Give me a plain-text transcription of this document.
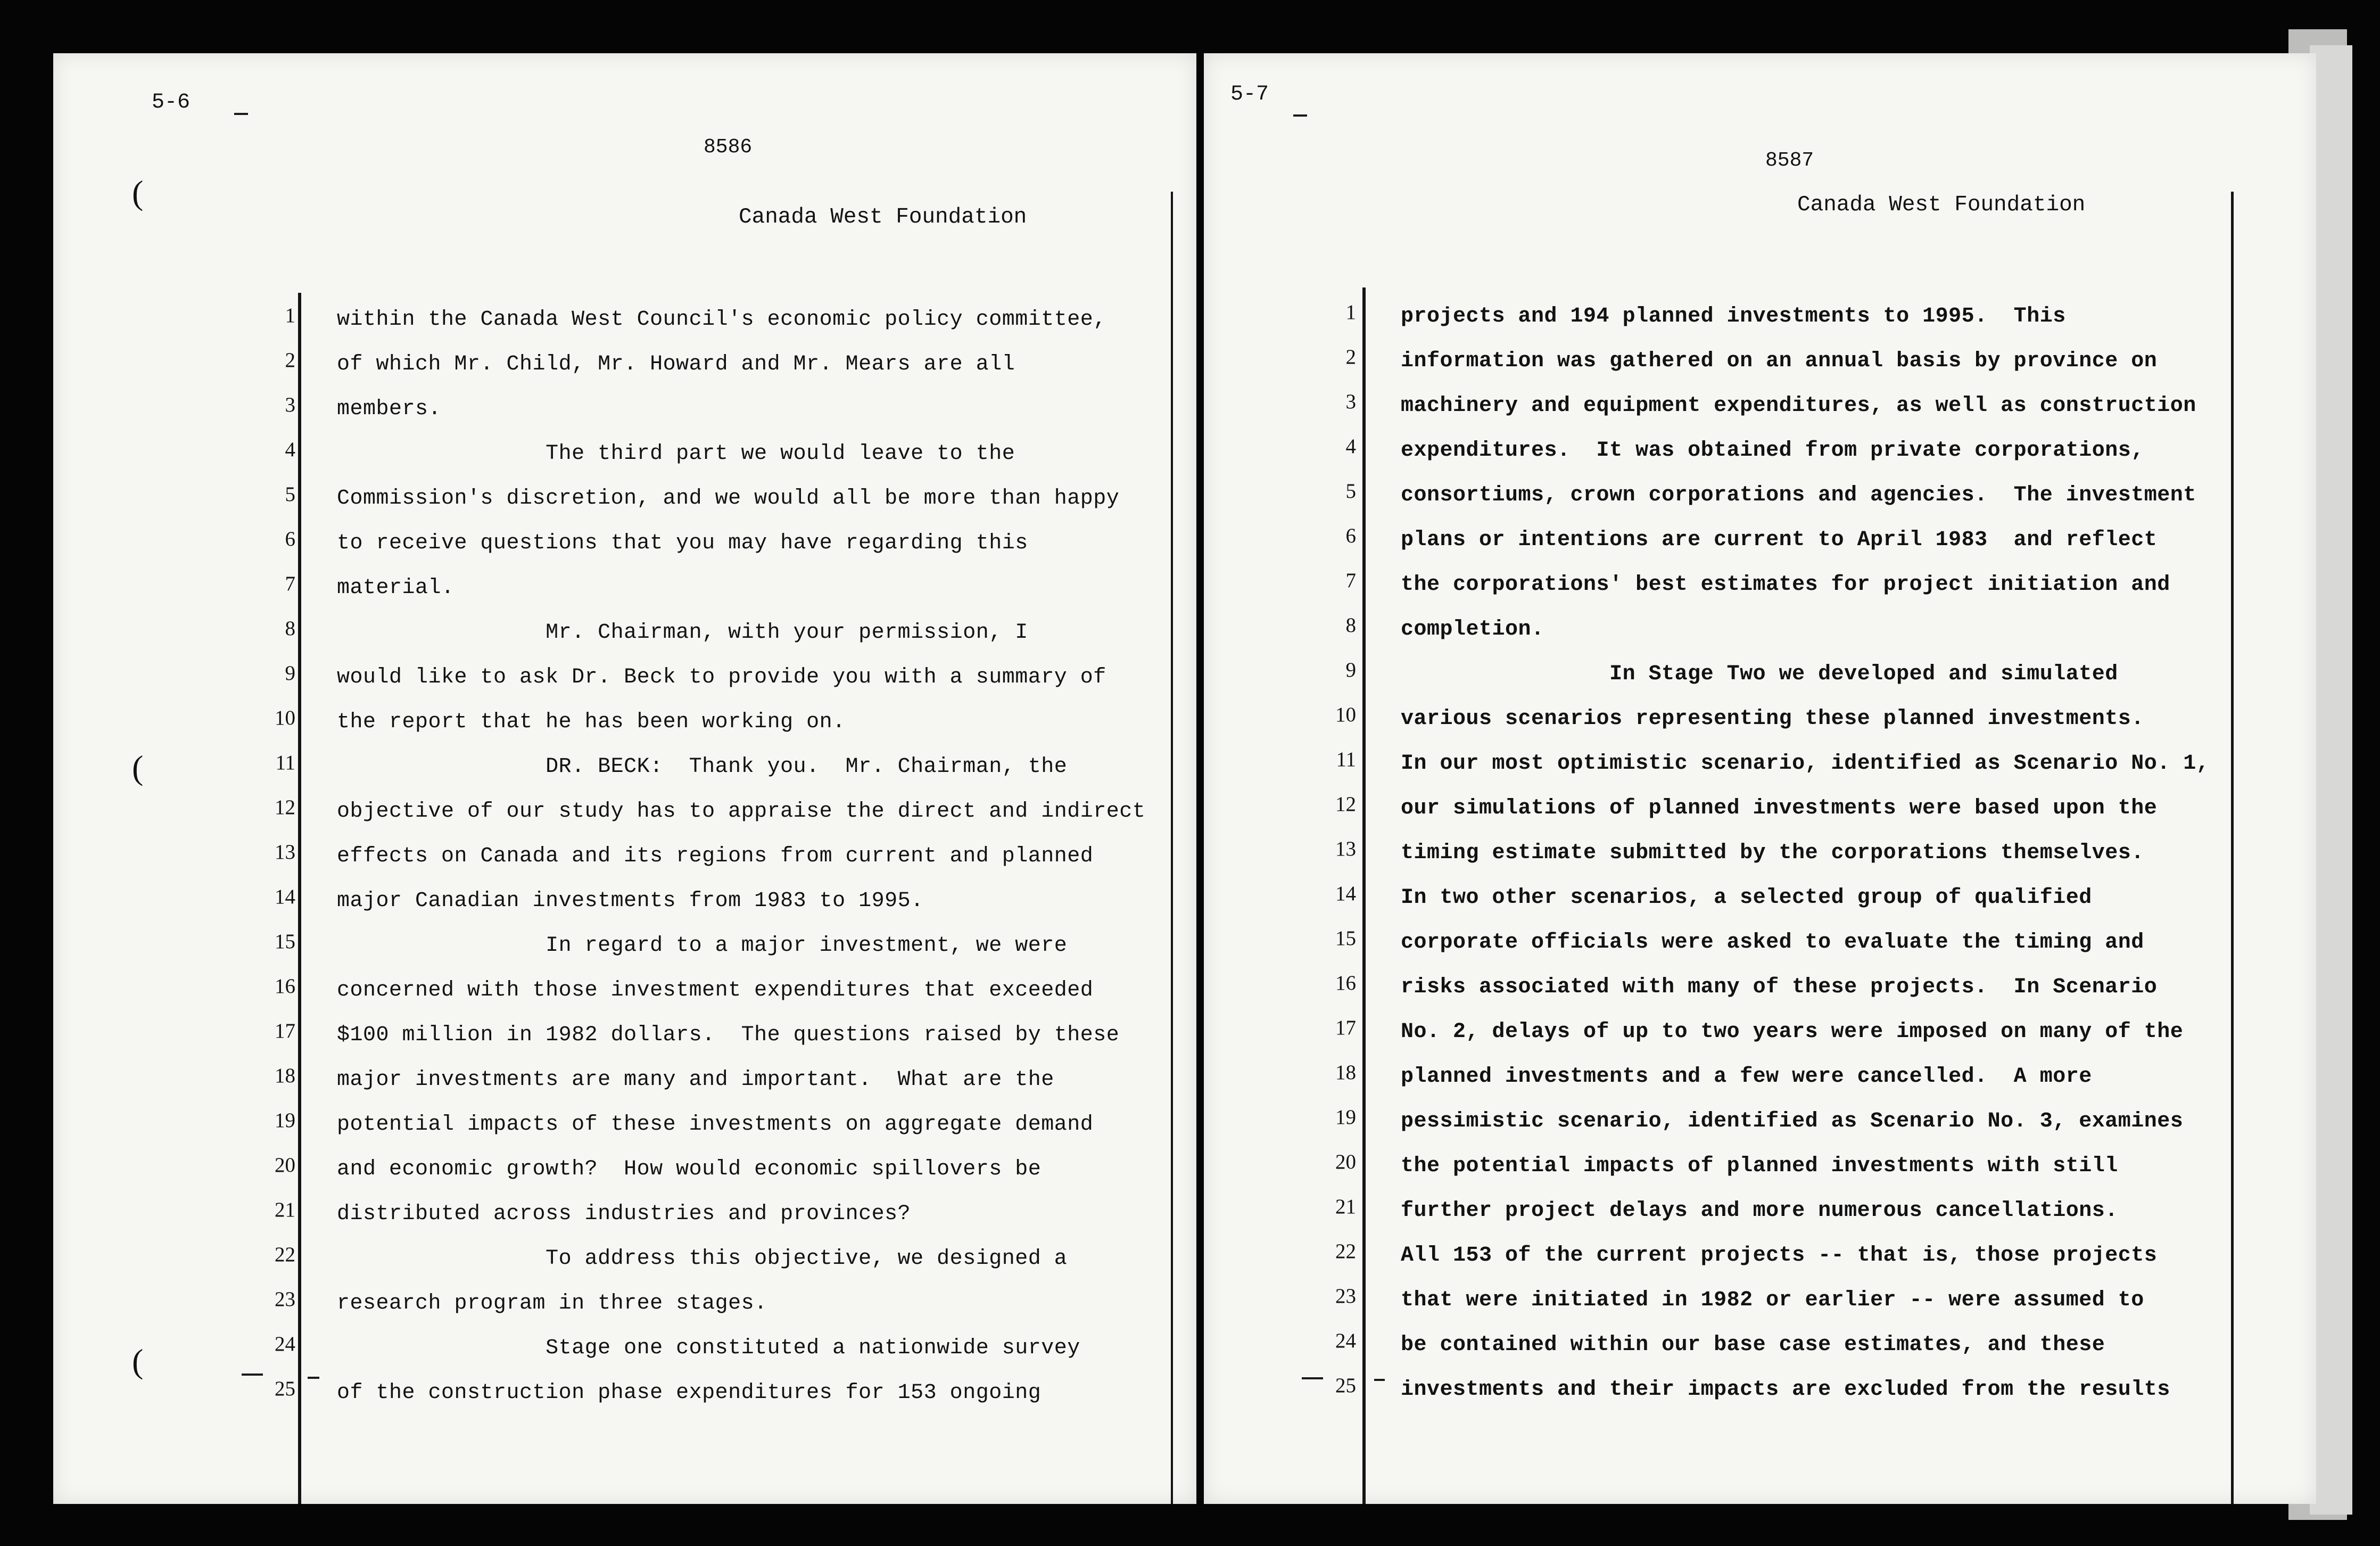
5-6
8586
Canada West Foundation
(
(
(
1
2
3
4
5
6
7
8
9
10
11
12
13
14
15
16
17
18
19
20
21
22
23
24
25
within the Canada West Council's economic policy committee,
of which Mr. Child, Mr. Howard and Mr. Mears are all
members.
The third part we would leave to the
Commission's discretion, and we would all be more than happy
to receive questions that you may have regarding this
material.
Mr. Chairman, with your permission, I
would like to ask Dr. Beck to provide you with a summary of
the report that he has been working on.
DR. BECK:  Thank you.  Mr. Chairman, the
objective of our study has to appraise the direct and indirect
effects on Canada and its regions from current and planned
major Canadian investments from 1983 to 1995.
In regard to a major investment, we were
concerned with those investment expenditures that exceeded
$100 million in 1982 dollars.  The questions raised by these
major investments are many and important.  What are the
potential impacts of these investments on aggregate demand
and economic growth?  How would economic spillovers be
distributed across industries and provinces?
To address this objective, we designed a
research program in three stages.
Stage one constituted a nationwide survey
of the construction phase expenditures for 153 ongoing
5-7
8587
Canada West Foundation
1
2
3
4
5
6
7
8
9
10
11
12
13
14
15
16
17
18
19
20
21
22
23
24
25
projects and 194 planned investments to 1995.  This
information was gathered on an annual basis by province on
machinery and equipment expenditures, as well as construction
expenditures.  It was obtained from private corporations,
consortiums, crown corporations and agencies.  The investment
plans or intentions are current to April 1983  and reflect
the corporations' best estimates for project initiation and
completion.
In Stage Two we developed and simulated
various scenarios representing these planned investments.
In our most optimistic scenario, identified as Scenario No. 1,
our simulations of planned investments were based upon the
timing estimate submitted by the corporations themselves.
In two other scenarios, a selected group of qualified
corporate officials were asked to evaluate the timing and
risks associated with many of these projects.  In Scenario
No. 2, delays of up to two years were imposed on many of the
planned investments and a few were cancelled.  A more
pessimistic scenario, identified as Scenario No. 3, examines
the potential impacts of planned investments with still
further project delays and more numerous cancellations.
All 153 of the current projects -- that is, those projects
that were initiated in 1982 or earlier -- were assumed to
be contained within our base case estimates, and these
investments and their impacts are excluded from the results
